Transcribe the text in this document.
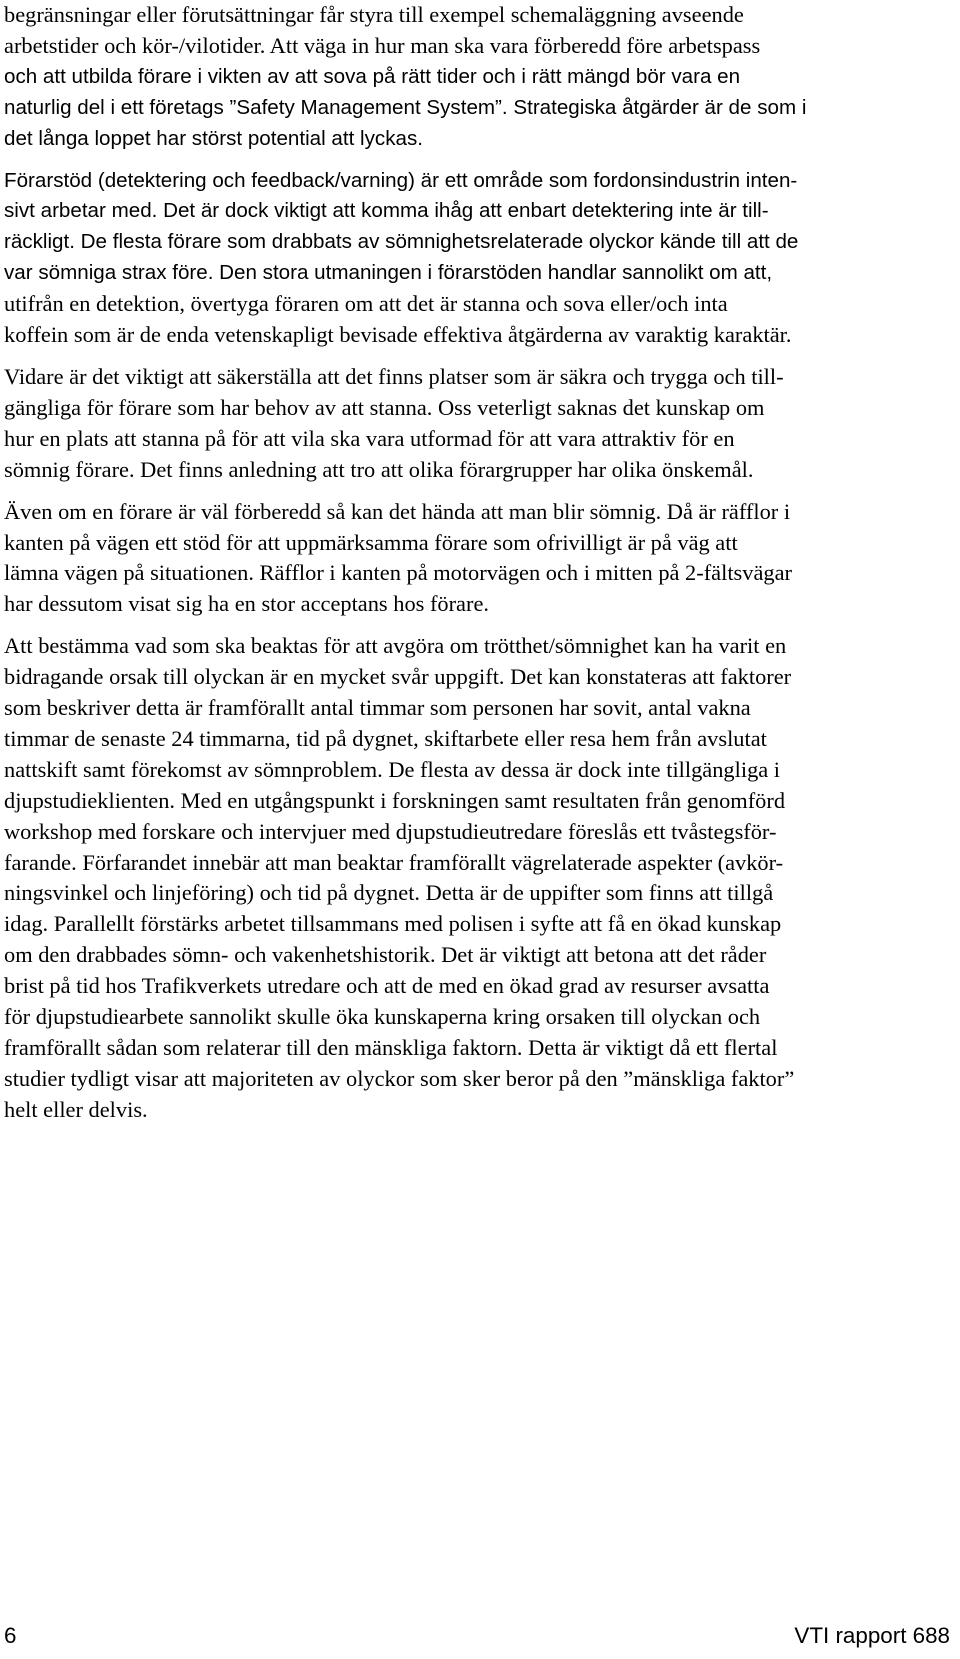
begränsningar eller förutsättningar får styra till exempel schemaläggning avseende
arbetstider och kör-/vilotider. Att väga in hur man ska vara förberedd före arbetspass
och att utbilda förare i vikten av att sova på rätt tider och i rätt mängd bör vara en
naturlig del i ett företags ”Safety Management System”. Strategiska åtgärder är de som i
det långa loppet har störst potential att lyckas.
Förarstöd (detektering och feedback/varning) är ett område som fordonsindustrin inten-
sivt arbetar med. Det är dock viktigt att komma ihåg att enbart detektering inte är till-
räckligt. De flesta förare som drabbats av sömnighetsrelaterade olyckor kände till att de
var sömniga strax före. Den stora utmaningen i förarstöden handlar sannolikt om att,
utifrån en detektion, övertyga föraren om att det är stanna och sova eller/och inta
koffein som är de enda vetenskapligt bevisade effektiva åtgärderna av varaktig karaktär.
Vidare är det viktigt att säkerställa att det finns platser som är säkra och trygga och till-
gängliga för förare som har behov av att stanna. Oss veterligt saknas det kunskap om
hur en plats att stanna på för att vila ska vara utformad för att vara attraktiv för en
sömnig förare. Det finns anledning att tro att olika förargrupper har olika önskemål.
Även om en förare är väl förberedd så kan det hända att man blir sömnig. Då är räfflor i
kanten på vägen ett stöd för att uppmärksamma förare som ofrivilligt är på väg att
lämna vägen på situationen. Räfflor i kanten på motorvägen och i mitten på 2-fältsvägar
har dessutom visat sig ha en stor acceptans hos förare.
Att bestämma vad som ska beaktas för att avgöra om trötthet/sömnighet kan ha varit en
bidragande orsak till olyckan är en mycket svår uppgift. Det kan konstateras att faktorer
som beskriver detta är framförallt antal timmar som personen har sovit, antal vakna
timmar de senaste 24 timmarna, tid på dygnet, skiftarbete eller resa hem från avslutat
nattskift samt förekomst av sömnproblem. De flesta av dessa är dock inte tillgängliga i
djupstudieklienten. Med en utgångspunkt i forskningen samt resultaten från genomförd
workshop med forskare och intervjuer med djupstudieutredare föreslås ett tvåstegsför-
farande. Förfarandet innebär att man beaktar framförallt vägrelaterade aspekter (avkör-
ningsvinkel och linjeföring) och tid på dygnet. Detta är de uppifter som finns att tillgå
idag. Parallellt förstärks arbetet tillsammans med polisen i syfte att få en ökad kunskap
om den drabbades sömn- och vakenhetshistorik. Det är viktigt att betona att det råder
brist på tid hos Trafikverkets utredare och att de med en ökad grad av resurser avsatta
för djupstudiearbete sannolikt skulle öka kunskaperna kring orsaken till olyckan och
framförallt sådan som relaterar till den mänskliga faktorn. Detta är viktigt då ett flertal
studier tydligt visar att majoriteten av olyckor som sker beror på den ”mänskliga faktor”
helt eller delvis.
6	VTI rapport 688
